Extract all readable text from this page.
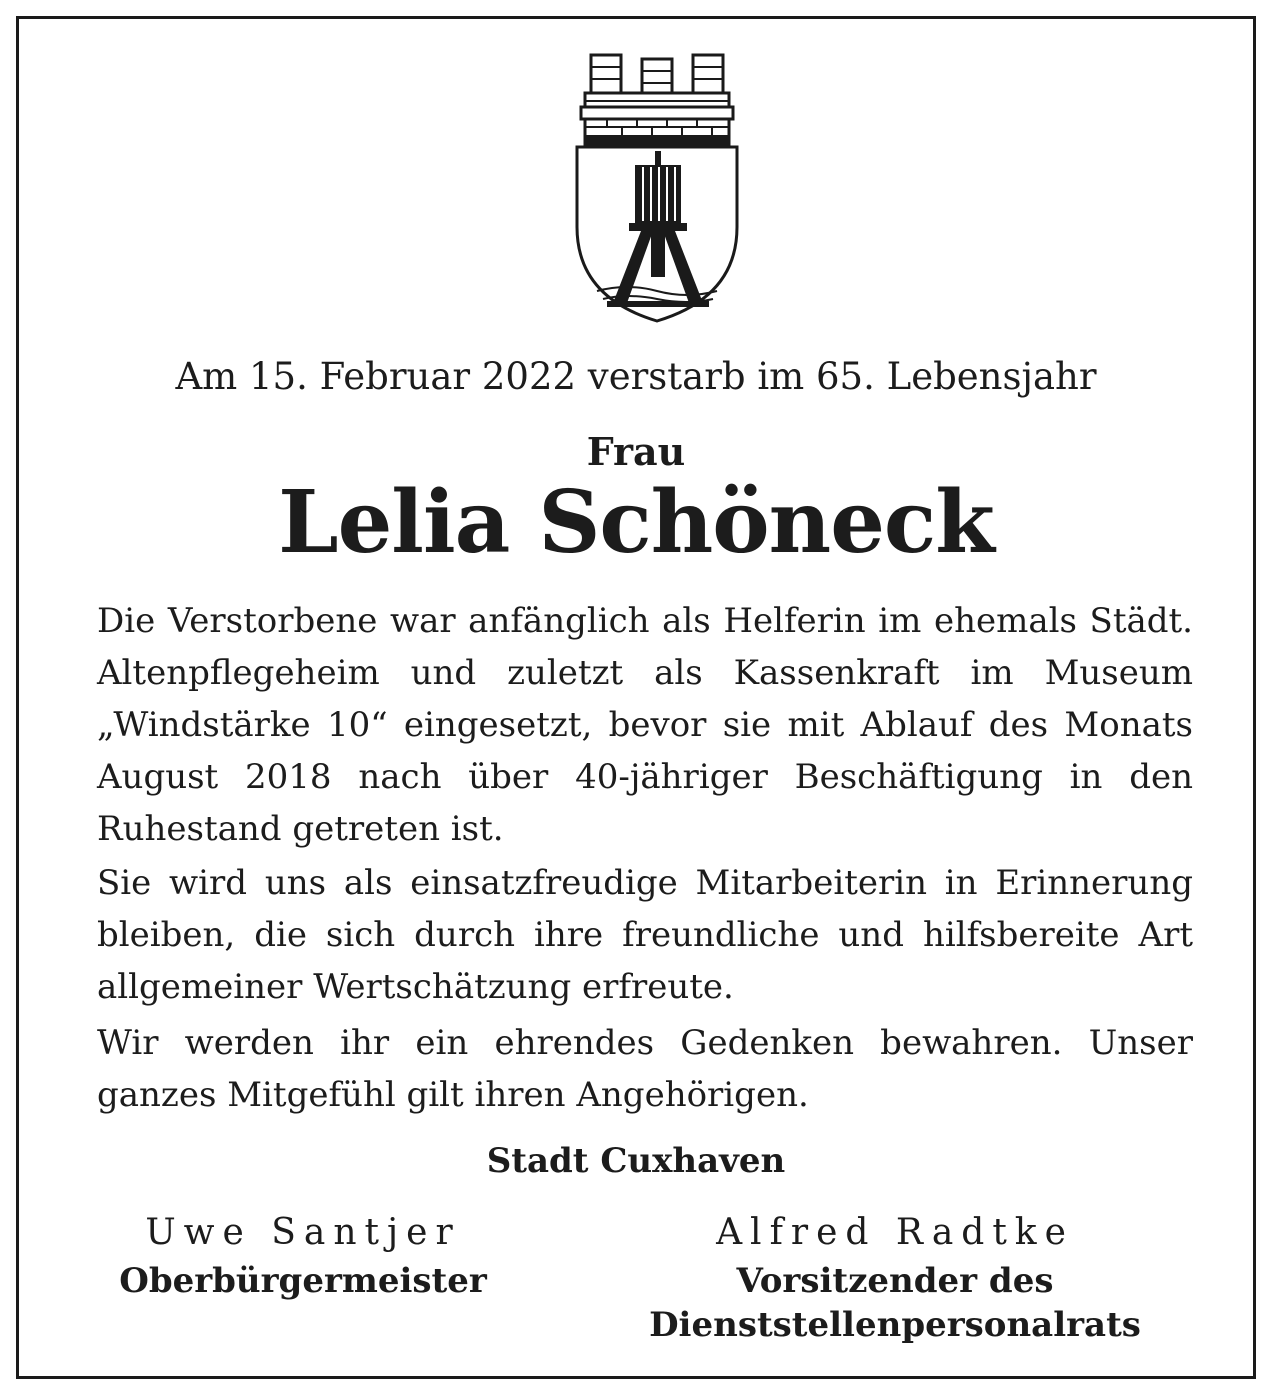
Am 15. Februar 2022 verstarb im 65. Lebensjahr
Frau
Lelia Schöneck
Die Verstorbene war anfänglich als Helferin im ehemals Städt. Altenpflegeheim und zuletzt als Kassenkraft im Museum „Windstärke 10“ eingesetzt, bevor sie mit Ablauf des Monats August 2018 nach über 40-jähriger Beschäftigung in den Ruhestand getreten ist.
Sie wird uns als einsatzfreudige Mitarbeiterin in Erinnerung bleiben, die sich durch ihre freundliche und hilfsbereite Art allgemeiner Wertschätzung erfreute.
Wir werden ihr ein ehrendes Gedenken bewahren. Unser ganzes Mitgefühl gilt ihren Angehörigen.
Stadt Cuxhaven
Uwe Santjer
Oberbürgermeister
Alfred Radtke
Vorsitzender des Dienststellenpersonalrats
